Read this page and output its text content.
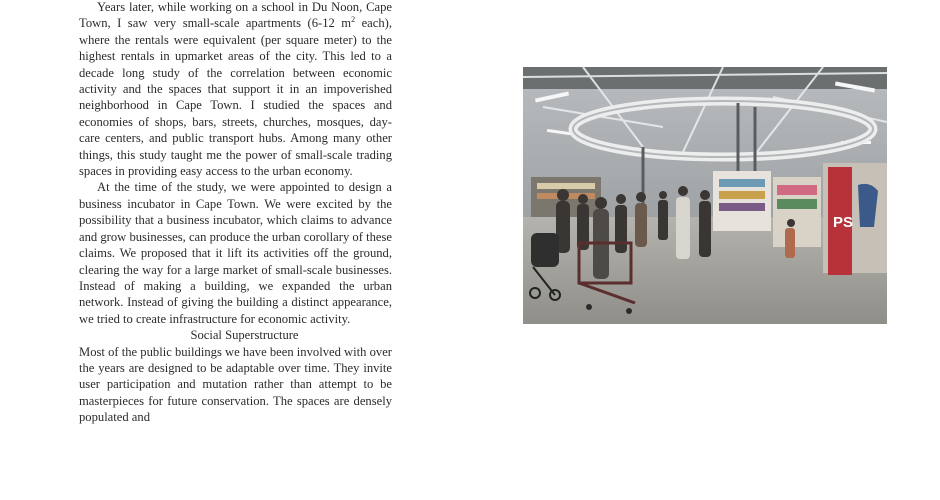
Years later, while working on a school in Du Noon, Cape Town, I saw very small-scale apartments (6-12 $m^2$ each), where the rentals were equivalent (per square meter) to the highest rentals in upmarket areas of the city. This led to a decade long study of the correlation between economic activity and the spaces that support it in an impoverished neighborhood in Cape Town. I studied the spaces and economies of shops, bars, streets, churches, mosques, day-care centers, and public transport hubs. Among many other things, this study taught me the power of small-scale trading spaces in providing easy access to the urban economy.

At the time of the study, we were appointed to design a business incubator in Cape Town. We were excited by the possibility that a business incubator, which claims to advance and grow businesses, can produce the urban corollary of these claims. We proposed that it lift its activities off the ground, clearing the way for a large market of small-scale businesses. Instead of making a building, we expanded the urban network. Instead of giving the building a distinct appearance, we tried to create infrastructure for economic activity.

Social Superstructure

Most of the public buildings we have been involved with over the years are designed to be adaptable over time. They invite user participation and mutation rather than attempt to be masterpieces for future conservation. The spaces are densely populated and

PS
